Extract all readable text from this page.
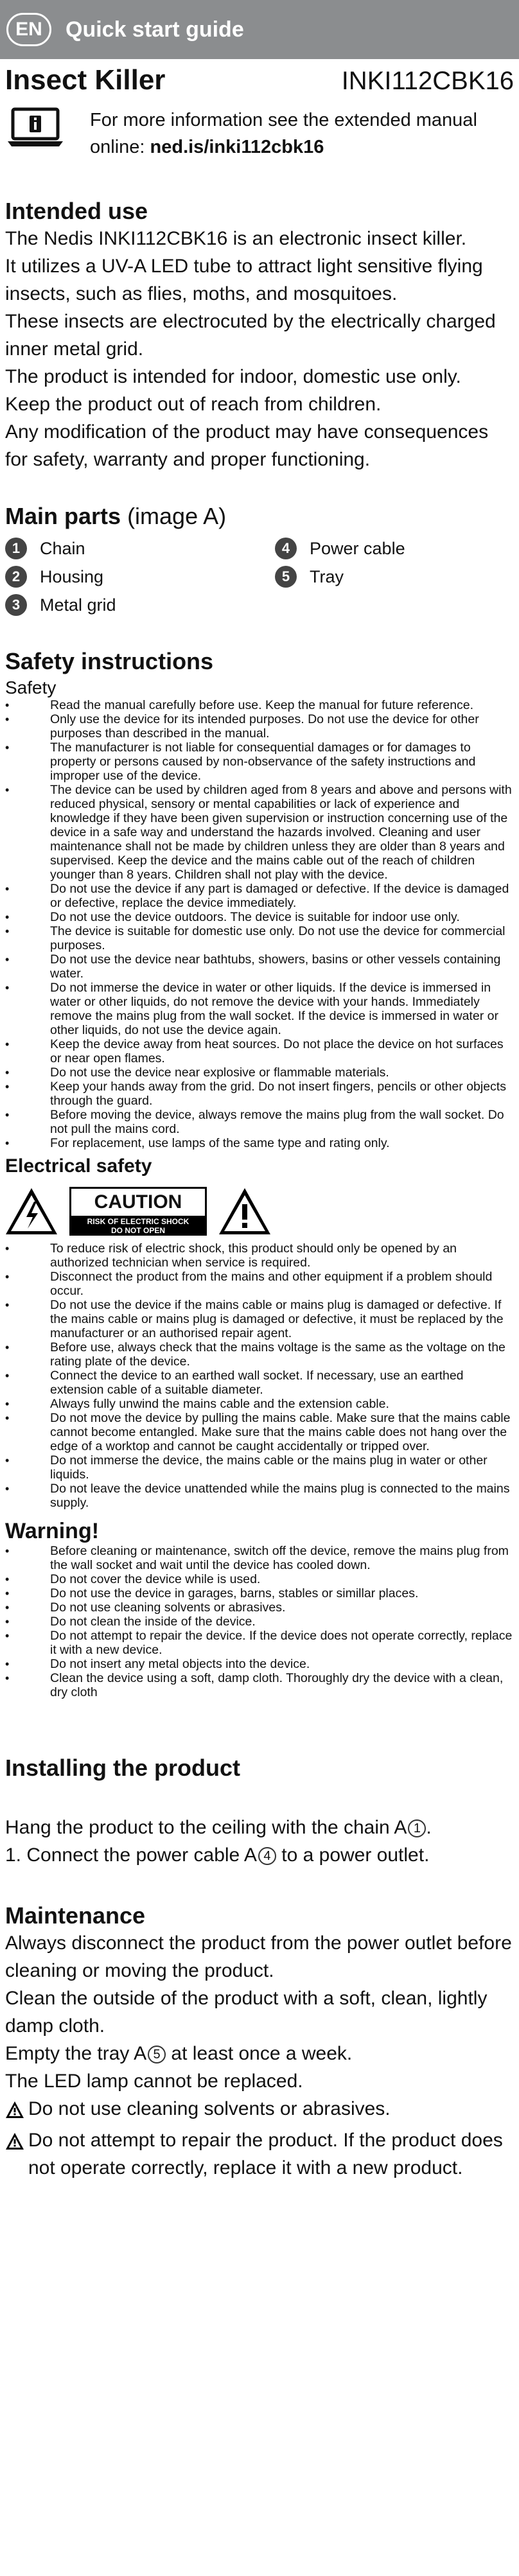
EN	Quick start guide
Insect Killer	INKI112CBK16
For more information see the extended manual online: ned.is/inki112cbk16
Intended use

The Nedis INKI112CBK16 is an electronic insect killer.

It utilizes a UV-A LED tube to attract light sensitive flying insects, such as flies, moths, and mosquitoes.

These insects are electrocuted by the electrically charged inner metal grid.

The product is intended for indoor, domestic use only.

Keep the product out of reach from children.

Any modification of the product may have consequences for safety, warranty and proper functioning.

Main parts (image A)
1	Chain	4	Power cable
2	Housing	5	Tray
3	Metal grid
Safety instructions
Safety
• Read the manual carefully before use. Keep the manual for future reference.
• Only use the device for its intended purposes. Do not use the device for other purposes than described in the manual.
• The manufacturer is not liable for consequential damages or for damages to property or persons caused by non-observance of the safety instructions and improper use of the device.
• The device can be used by children aged from 8 years and above and persons with reduced physical, sensory or mental capabilities or lack of experience and knowledge if they have been given supervision or instruction concerning use of the device in a safe way and understand the hazards involved. Cleaning and user maintenance shall not be made by children unless they are older than 8 years and supervised. Keep the device and the mains cable out of the reach of children younger than 8 years. Children shall not play with the device.
• Do not use the device if any part is damaged or defective. If the device is damaged or defective, replace the device immediately.
• Do not use the device outdoors. The device is suitable for indoor use only.
• The device is suitable for domestic use only. Do not use the device for commercial purposes.
• Do not use the device near bathtubs, showers, basins or other vessels containing water.
• Do not immerse the device in water or other liquids. If the device is immersed in water or other liquids, do not remove the device with your hands. Immediately remove the mains plug from the wall socket. If the device is immersed in water or other liquids, do not use the device again.
• Keep the device away from heat sources. Do not place the device on hot surfaces or near open flames.
• Do not use the device near explosive or flammable materials.
• Keep your hands away from the grid. Do not insert fingers, pencils or other objects through the guard.
• Before moving the device, always remove the mains plug from the wall socket. Do not pull the mains cord.
• For replacement, use lamps of the same type and rating only.
Electrical safety
CAUTION
RISK OF ELECTRIC SHOCK
DO NOT OPEN
• To reduce risk of electric shock, this product should only be opened by an authorized technician when service is required.
• Disconnect the product from the mains and other equipment if a problem should occur.
• Do not use the device if the mains cable or mains plug is damaged or defective. If the mains cable or mains plug is damaged or defective, it must be replaced by the manufacturer or an authorised repair agent.
• Before use, always check that the mains voltage is the same as the voltage on the rating plate of the device.
• Connect the device to an earthed wall socket. If necessary, use an earthed extension cable of a suitable diameter.
• Always fully unwind the mains cable and the extension cable.
• Do not move the device by pulling the mains cable. Make sure that the mains cable cannot become entangled. Make sure that the mains cable does not hang over the edge of a worktop and cannot be caught accidentally or tripped over.
• Do not immerse the device, the mains cable or the mains plug in water or other liquids.
• Do not leave the device unattended while the mains plug is connected to the mains supply.
Warning!
• Before cleaning or maintenance, switch off the device, remove the mains plug from the wall socket and wait until the device has cooled down.
• Do not cover the device while is used.
• Do not use the device in garages, barns, stables or simillar places.
• Do not use cleaning solvents or abrasives.
• Do not clean the inside of the device.
• Do not attempt to repair the device. If the device does not operate correctly, replace it with a new device.
• Do not insert any metal objects into the device.
• Clean the device using a soft, damp cloth. Thoroughly dry the device with a clean, dry cloth
Installing the product
Hang the product to the ceiling with the chain A 1 .
1. Connect the power cable A 4 to a power outlet.
Maintenance

Always disconnect the product from the power outlet before cleaning or moving the product.

Clean the outside of the product with a soft, clean, lightly damp cloth.

Empty the tray A 5 at least once a week.

The LED lamp cannot be replaced.

Do not use cleaning solvents or abrasives.
Do not attempt to repair the product. If the product does not operate correctly, replace it with a new product.
